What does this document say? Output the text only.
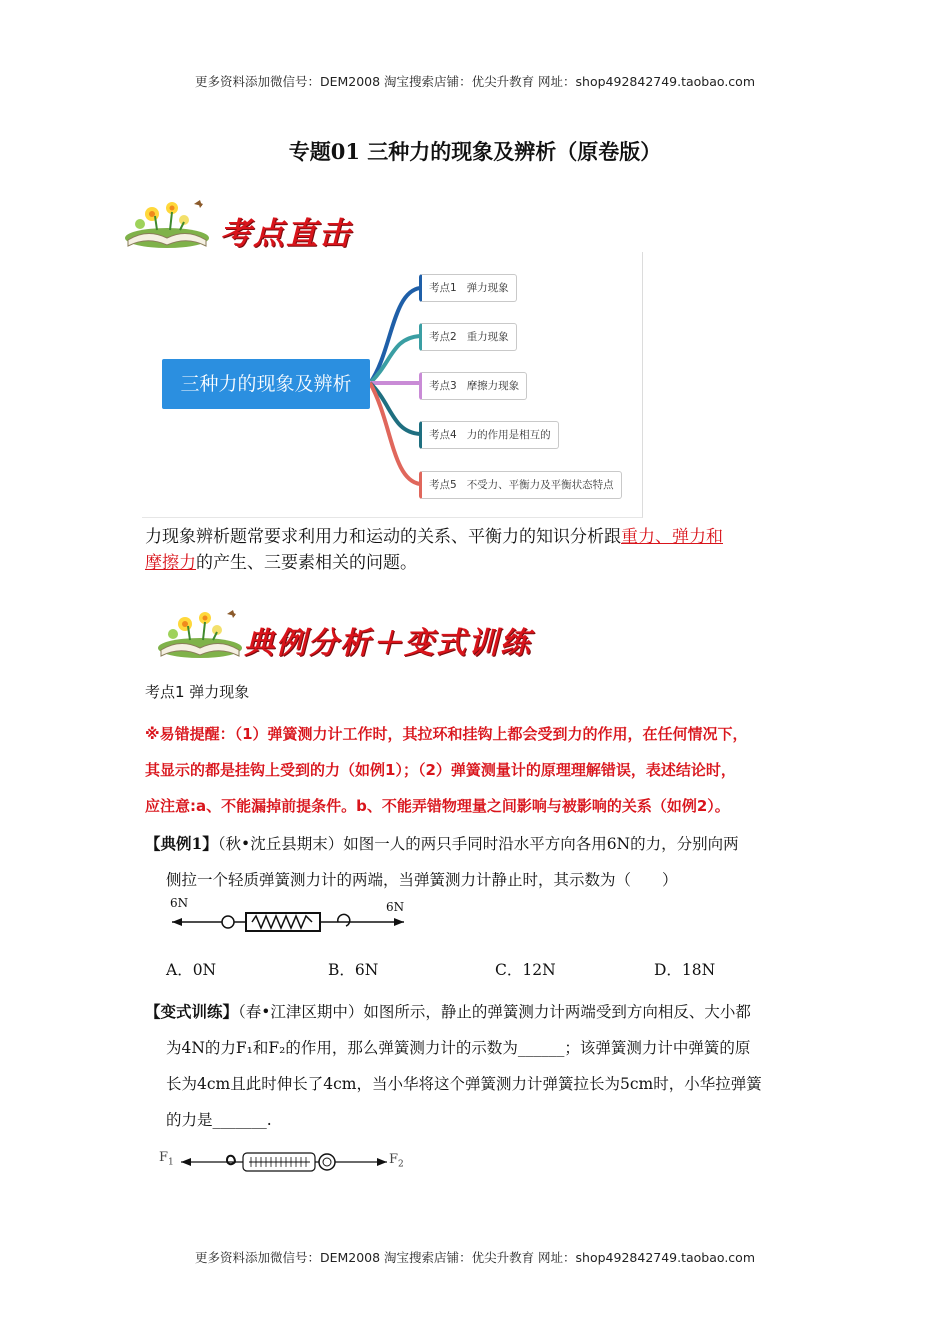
更多资料添加微信号：DEM2008 淘宝搜索店铺：优尖升教育 网址：shop492842749.taobao.com
专题01 三种力的现象及辨析（原卷版）
考点直击
三种力的现象及辨析
考点1 弹力现象
考点2 重力现象
考点3 摩擦力现象
考点4 力的作用是相互的
考点5 不受力、平衡力及平衡状态特点
力现象辨析题常要求利用力和运动的关系、平衡力的知识分析跟重力、弹力和
摩擦力的产生、三要素相关的问题。
典例分析＋变式训练
考点1 弹力现象
※易错提醒：（1）弹簧测力计工作时，其拉环和挂钩上都会受到力的作用，在任何情况下，
其显示的都是挂钩上受到的力（如例1）；（2）弹簧测量计的原理理解错误，表述结论时，
应注意:a、不能漏掉前提条件。b、不能弄错物理量之间影响与被影响的关系（如例2）。
【典例1】（秋•沈丘县期末）如图一人的两只手同时沿水平方向各用6N的力，分别向两
侧拉一个轻质弹簧测力计的两端，当弹簧测力计静止时，其示数为（　　）
6N	6N
A．0N	B．6N	C．12N	D．18N
【变式训练】（春•江津区期中）如图所示，静止的弹簧测力计两端受到方向相反、大小都
为4N的力F₁和F₂的作用，那么弹簧测力计的示数为______；该弹簧测力计中弹簧的原
长为4cm且此时伸长了4cm，当小华将这个弹簧测力计弹簧拉长为5cm时，小华拉弹簧
的力是_______.
$F_1$	$F_2$
更多资料添加微信号：DEM2008 淘宝搜索店铺：优尖升教育 网址：shop492842749.taobao.com
